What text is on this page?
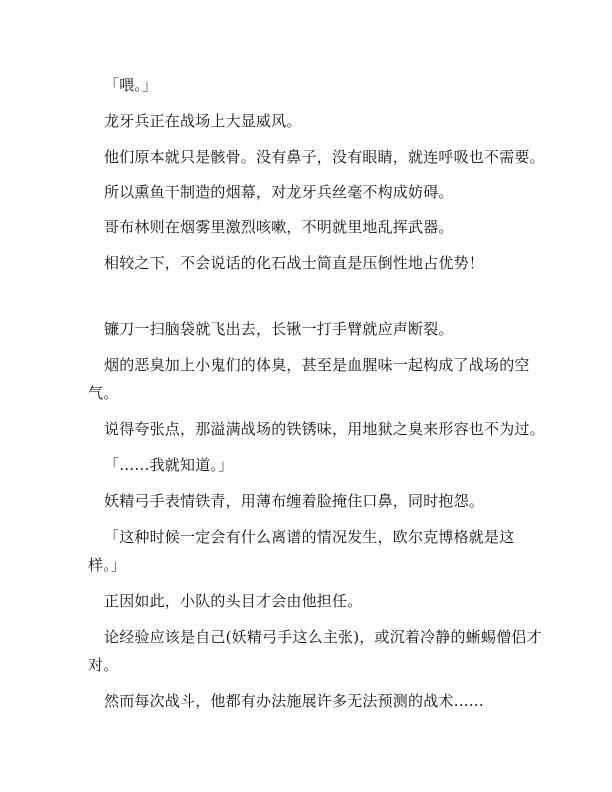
「喂。」
龙牙兵正在战场上大显威风。
他们原本就只是骸骨。没有鼻子，没有眼睛，就连呼吸也不需要。
所以熏鱼干制造的烟幕，对龙牙兵丝毫不构成妨碍。
哥布林则在烟雾里激烈咳嗽，不明就里地乱挥武器。
相较之下，不会说话的化石战士简直是压倒性地占优势！
镰刀一扫脑袋就飞出去，长锹一打手臂就应声断裂。
烟的恶臭加上小鬼们的体臭，甚至是血腥味一起构成了战场的空
气。
说得夸张点，那溢满战场的铁锈味，用地狱之臭来形容也不为过。
「……我就知道。」
妖精弓手表情铁青，用薄布缠着脸掩住口鼻，同时抱怨。
「这种时候一定会有什么离谱的情况发生，欧尔克博格就是这
样。」
正因如此，小队的头目才会由他担任。
论经验应该是自己(妖精弓手这么主张)，或沉着冷静的蜥蜴僧侣才
对。
然而每次战斗，他都有办法施展许多无法预测的战术……
